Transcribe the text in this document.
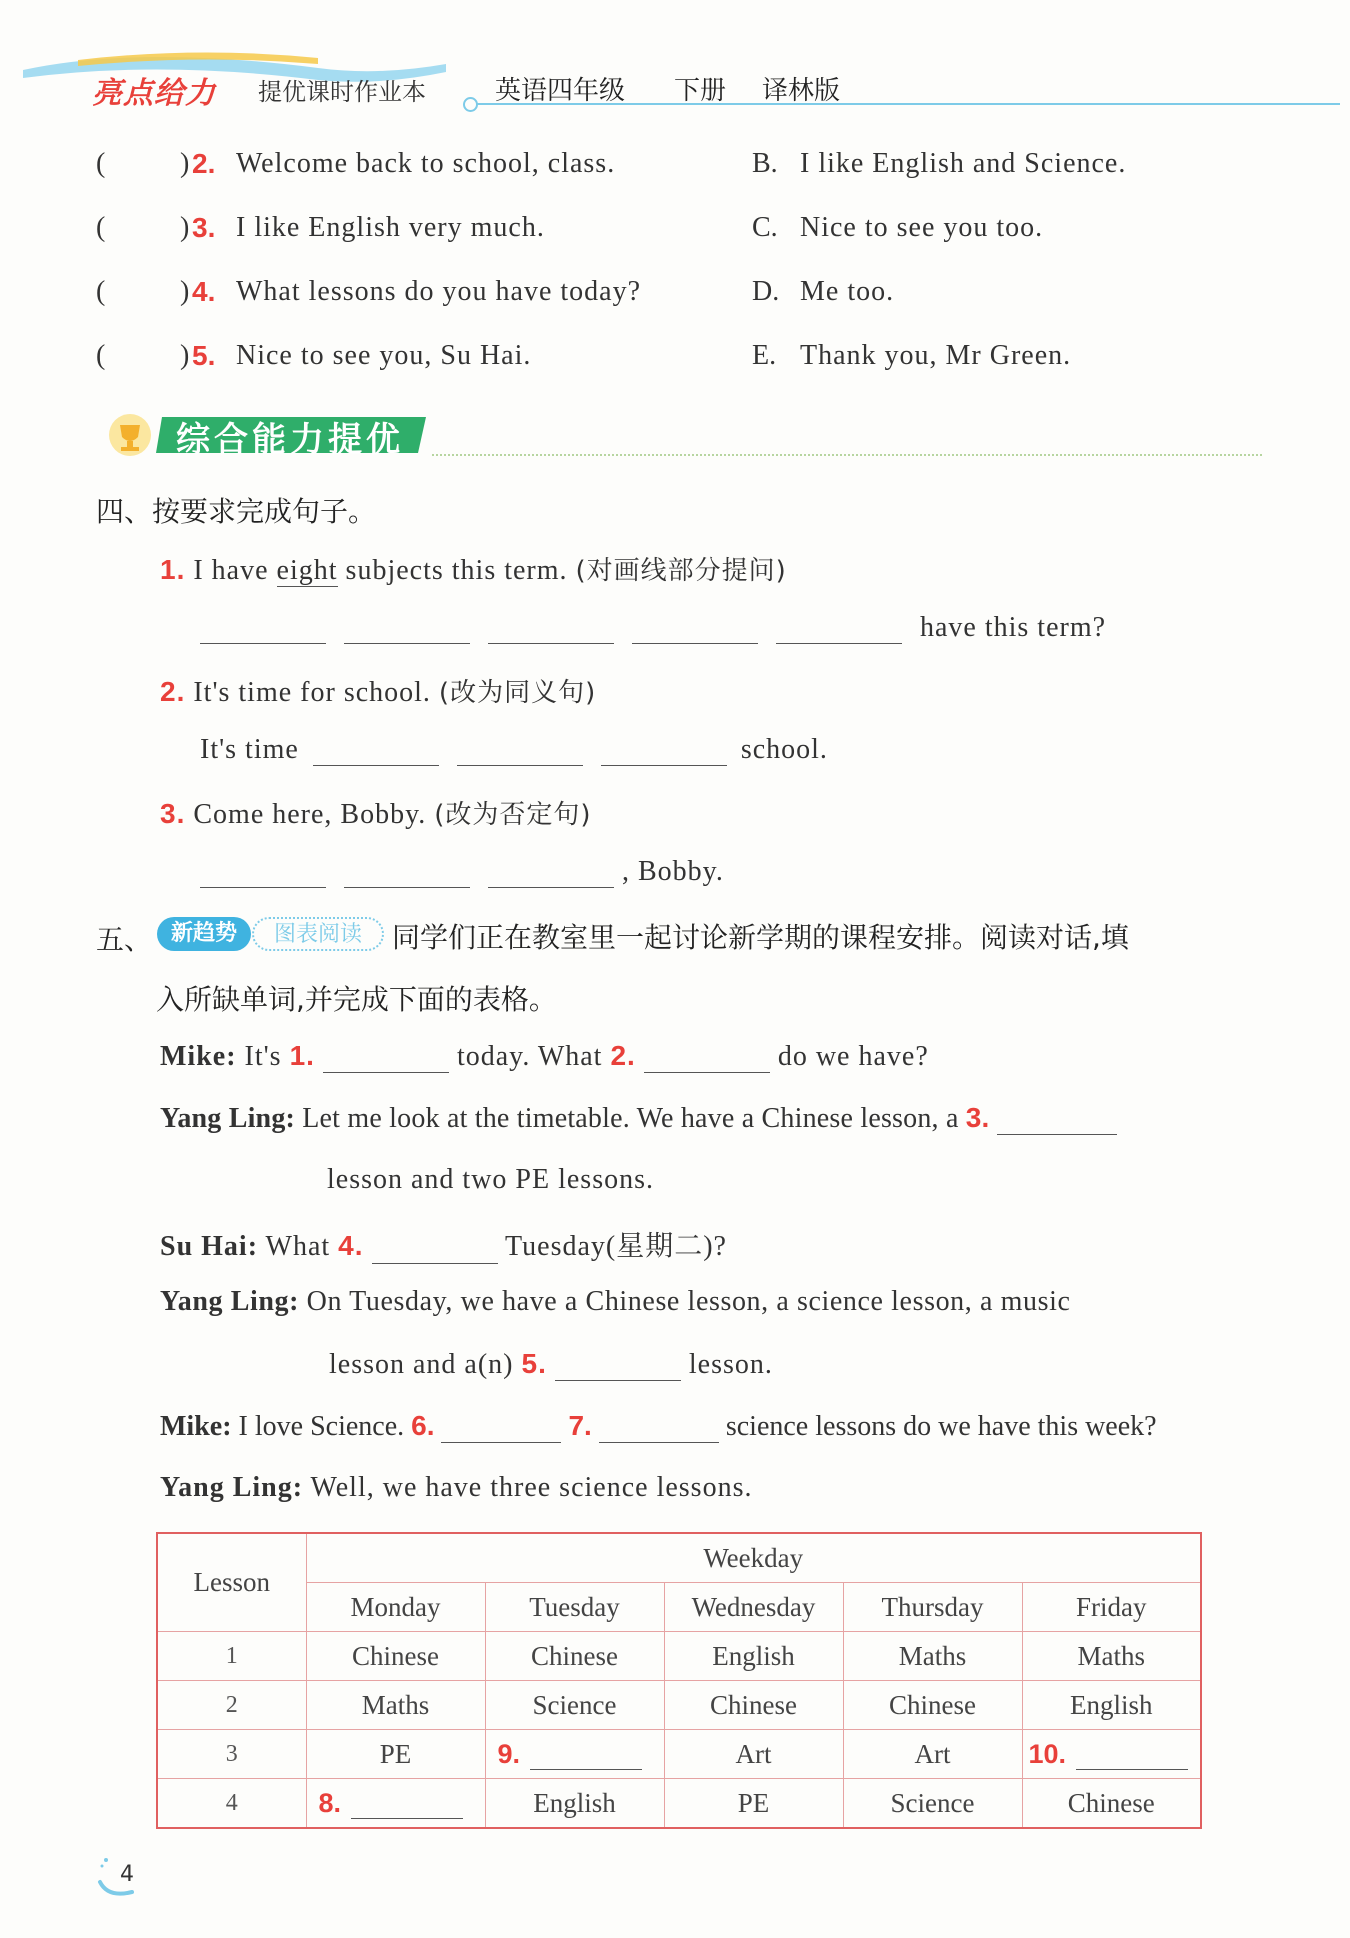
亮点给力 提优课时作业本	英语四年级 下册 译林版
(	) 2. Welcome back to school, class.	B. I like English and Science.
(	) 3. I like English very much.	C. Nice to see you too.
(	) 4. What lessons do you have today?	D. Me too.
(	) 5. Nice to see you, Su Hai.	E. Thank you, Mr Green.
综合能力提优
四、按要求完成句子。
1. I have eight subjects this term. (对画线部分提问)
have this term?
2. It's time for school. (改为同义句)
It's time	school.
3. Come here, Bobby. (改为否定句)
, Bobby.
五、 新趋势	图表阅读	同学们正在教室里一起讨论新学期的课程安排。阅读对话,填
入所缺单词,并完成下面的表格。
Mike: It's 1.	today. What 2.	do we have?
Yang Ling: Let me look at the timetable. We have a Chinese lesson, a 3.
lesson and two PE lessons.
Su Hai: What 4.	Tuesday(星期二)?
Yang Ling: On Tuesday, we have a Chinese lesson, a science lesson, a music
lesson and a(n) 5.	lesson.
Mike: I love Science. 6.	7.	science lessons do we have this week?
Yang Ling: Well, we have three science lessons.
Lesson	Weekday				
	Monday	Tuesday	Wednesday	Thursday	Friday
1	Chinese	Chinese	English	Maths	Maths
2	Maths	Science	Chinese	Chinese	English
3	PE	9.	Art	Art	10.
4	8.	English	PE	Science	Chinese
4
